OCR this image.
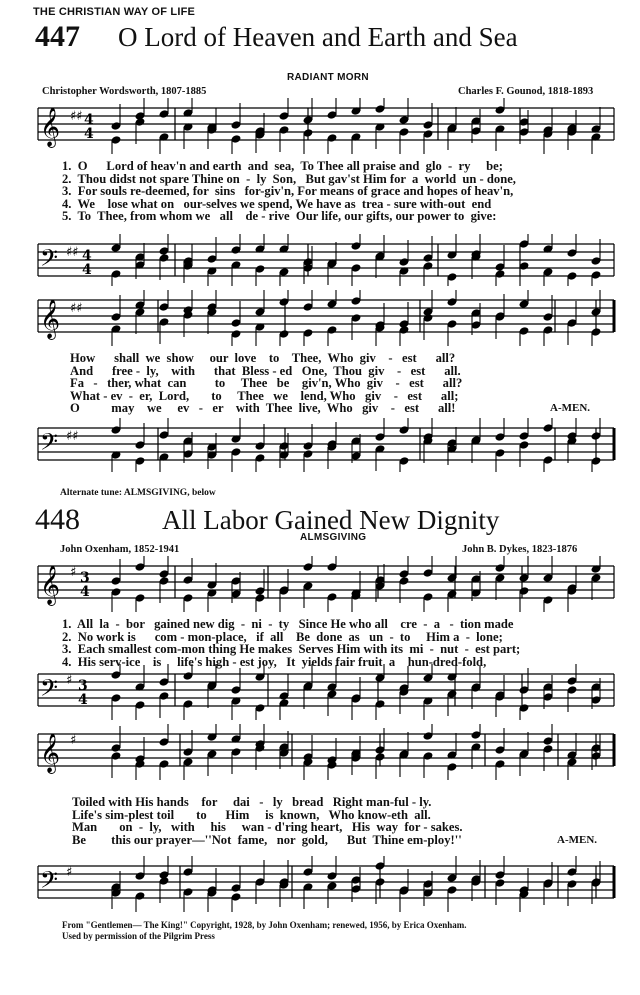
THE CHRISTIAN WAY OF LIFE
447 O Lord of Heaven and Earth and Sea
RADIANT MORN
Christopher Wordsworth, 1807-1885	Charles F. Gounod, 1818-1893
𝄞 ♯♯ 4
4
𝄢 ♯♯ 4
4
1.  O      Lord of heav'n and earth  and  sea,  To Thee all praise and  glo  -  ry     be;
2.  Thou didst not spare Thine on  -  ly  Son,   But gav'st Him for  a  world  un - done,
3.  For souls re-deemed, for  sins   for-giv'n, For means of grace and hopes of heav'n,
4.  We    lose what on   our-selves we spend, We have as  trea - sure with-out  end
5.  To  Thee, from whom we   all    de - rive  Our life, our gifts, our power to  give:
𝄞 ♯♯
How      shall  we  show     our  love    to    Thee,  Who  giv    -   est      all?
And      free -  ly,    with      that  Bless - ed   One,  Thou  giv    -   est      all.
Fa   -   ther, what  can         to     Thee   be    giv'n, Who  giv    -   est      all?
What - ev  -  er,  Lord,       to     Thee   we    lend, Who   giv    -   est      all;
O          may    we     ev   -   er    with  Thee  live,  Who   giv    -   est      all!	A-MEN.
𝄢 ♯♯
Alternate tune: ALMSGIVING, below
448	All Labor Gained New Dignity
ALMSGIVING
John Oxenham, 1852-1941	John B. Dykes, 1823-1876
𝄞 ♯ 3
4
1.  All  la  -  bor   gained new dig  -  ni  -  ty   Since He who all    cre  -  a   -  tion made
2.  No work is      com - mon-place,   if  all    Be  done  as   un  -  to     Him a  -  lone;
3.  Each smallest com-mon thing He makes  Serves Him with its  mi  -  nut  -  est part;
4.  His serv-ice    is     life's high - est joy,   It  yields fair fruit  a    hun-dred-fold,
𝄢 ♯ 3
4
𝄞 ♯
Toiled with His hands    for     dai   -   ly   bread   Right man-ful - ly.
Life's sim-plest toil       to      Him     is  known,   Who know-eth  all.
Man       on  -  ly,   with     his     wan - d'ring heart,   His  way  for - sakes.
Be        this our prayer—''Not  fame,   nor  gold,      But  Thine em-ploy!''	A-MEN.
𝄢 ♯
From "Gentlemen— The King!" Copyright, 1928, by John Oxenham; renewed, 1956, by Erica Oxenham.
Used by permission of the Pilgrim Press
